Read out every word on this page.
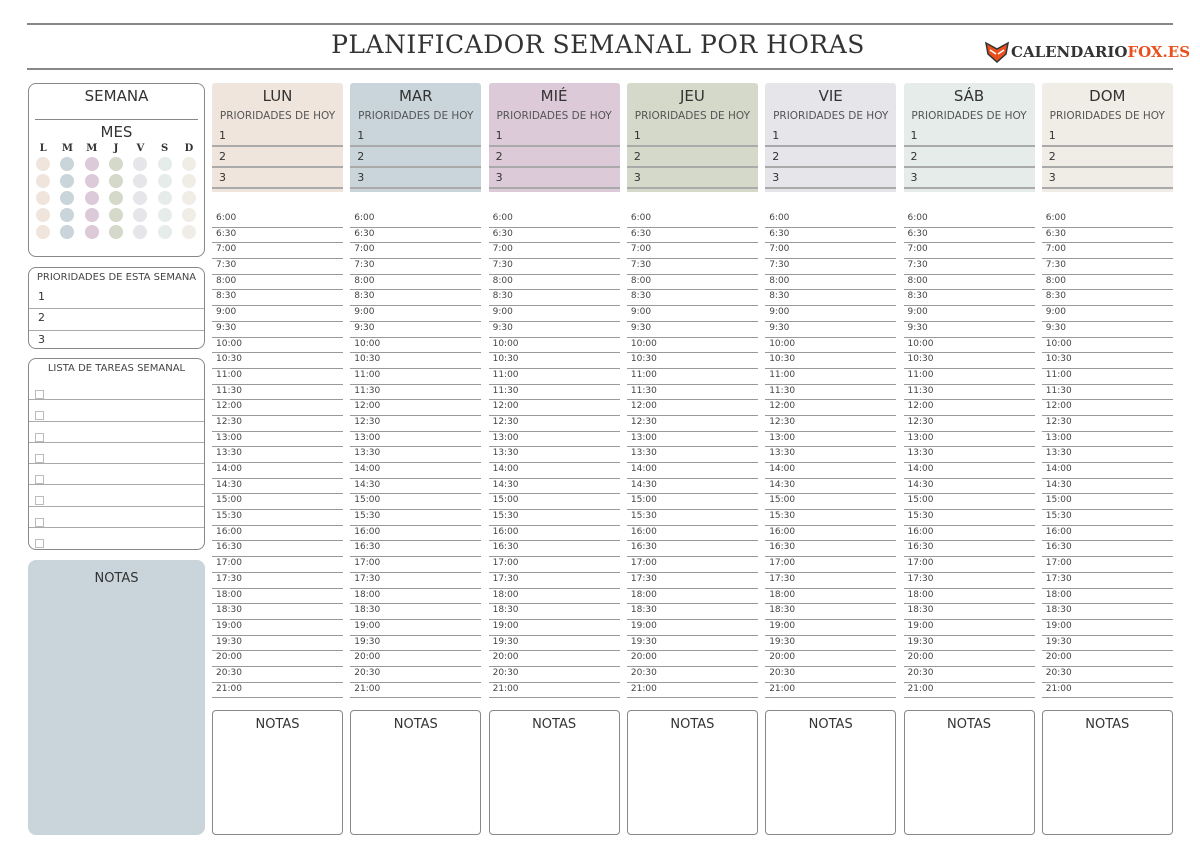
PLANIFICADOR SEMANAL POR HORAS	CALENDARIO FOX.ES
SEMANA
MES
L M M J V S D
PRIORIDADES DE ESTA SEMANA
1
2
3
LISTA DE TAREAS SEMANAL
NOTAS
LUN
PRIORIDADES DE HOY
1
2
3
6:00
6:30
7:00
7:30
8:00
8:30
9:00
9:30
10:00
10:30
11:00
11:30
12:00
12:30
13:00
13:30
14:00
14:30
15:00
15:30
16:00
16:30
17:00
17:30
18:00
18:30
19:00
19:30
20:00
20:30
21:00
NOTAS
MAR
PRIORIDADES DE HOY
1
2
3
6:00
6:30
7:00
7:30
8:00
8:30
9:00
9:30
10:00
10:30
11:00
11:30
12:00
12:30
13:00
13:30
14:00
14:30
15:00
15:30
16:00
16:30
17:00
17:30
18:00
18:30
19:00
19:30
20:00
20:30
21:00
NOTAS
MIÉ
PRIORIDADES DE HOY
1
2
3
6:00
6:30
7:00
7:30
8:00
8:30
9:00
9:30
10:00
10:30
11:00
11:30
12:00
12:30
13:00
13:30
14:00
14:30
15:00
15:30
16:00
16:30
17:00
17:30
18:00
18:30
19:00
19:30
20:00
20:30
21:00
NOTAS
JEU
PRIORIDADES DE HOY
1
2
3
6:00
6:30
7:00
7:30
8:00
8:30
9:00
9:30
10:00
10:30
11:00
11:30
12:00
12:30
13:00
13:30
14:00
14:30
15:00
15:30
16:00
16:30
17:00
17:30
18:00
18:30
19:00
19:30
20:00
20:30
21:00
NOTAS
VIE
PRIORIDADES DE HOY
1
2
3
6:00
6:30
7:00
7:30
8:00
8:30
9:00
9:30
10:00
10:30
11:00
11:30
12:00
12:30
13:00
13:30
14:00
14:30
15:00
15:30
16:00
16:30
17:00
17:30
18:00
18:30
19:00
19:30
20:00
20:30
21:00
NOTAS
SÁB
PRIORIDADES DE HOY
1
2
3
6:00
6:30
7:00
7:30
8:00
8:30
9:00
9:30
10:00
10:30
11:00
11:30
12:00
12:30
13:00
13:30
14:00
14:30
15:00
15:30
16:00
16:30
17:00
17:30
18:00
18:30
19:00
19:30
20:00
20:30
21:00
NOTAS
DOM
PRIORIDADES DE HOY
1
2
3
6:00
6:30
7:00
7:30
8:00
8:30
9:00
9:30
10:00
10:30
11:00
11:30
12:00
12:30
13:00
13:30
14:00
14:30
15:00
15:30
16:00
16:30
17:00
17:30
18:00
18:30
19:00
19:30
20:00
20:30
21:00
NOTAS
